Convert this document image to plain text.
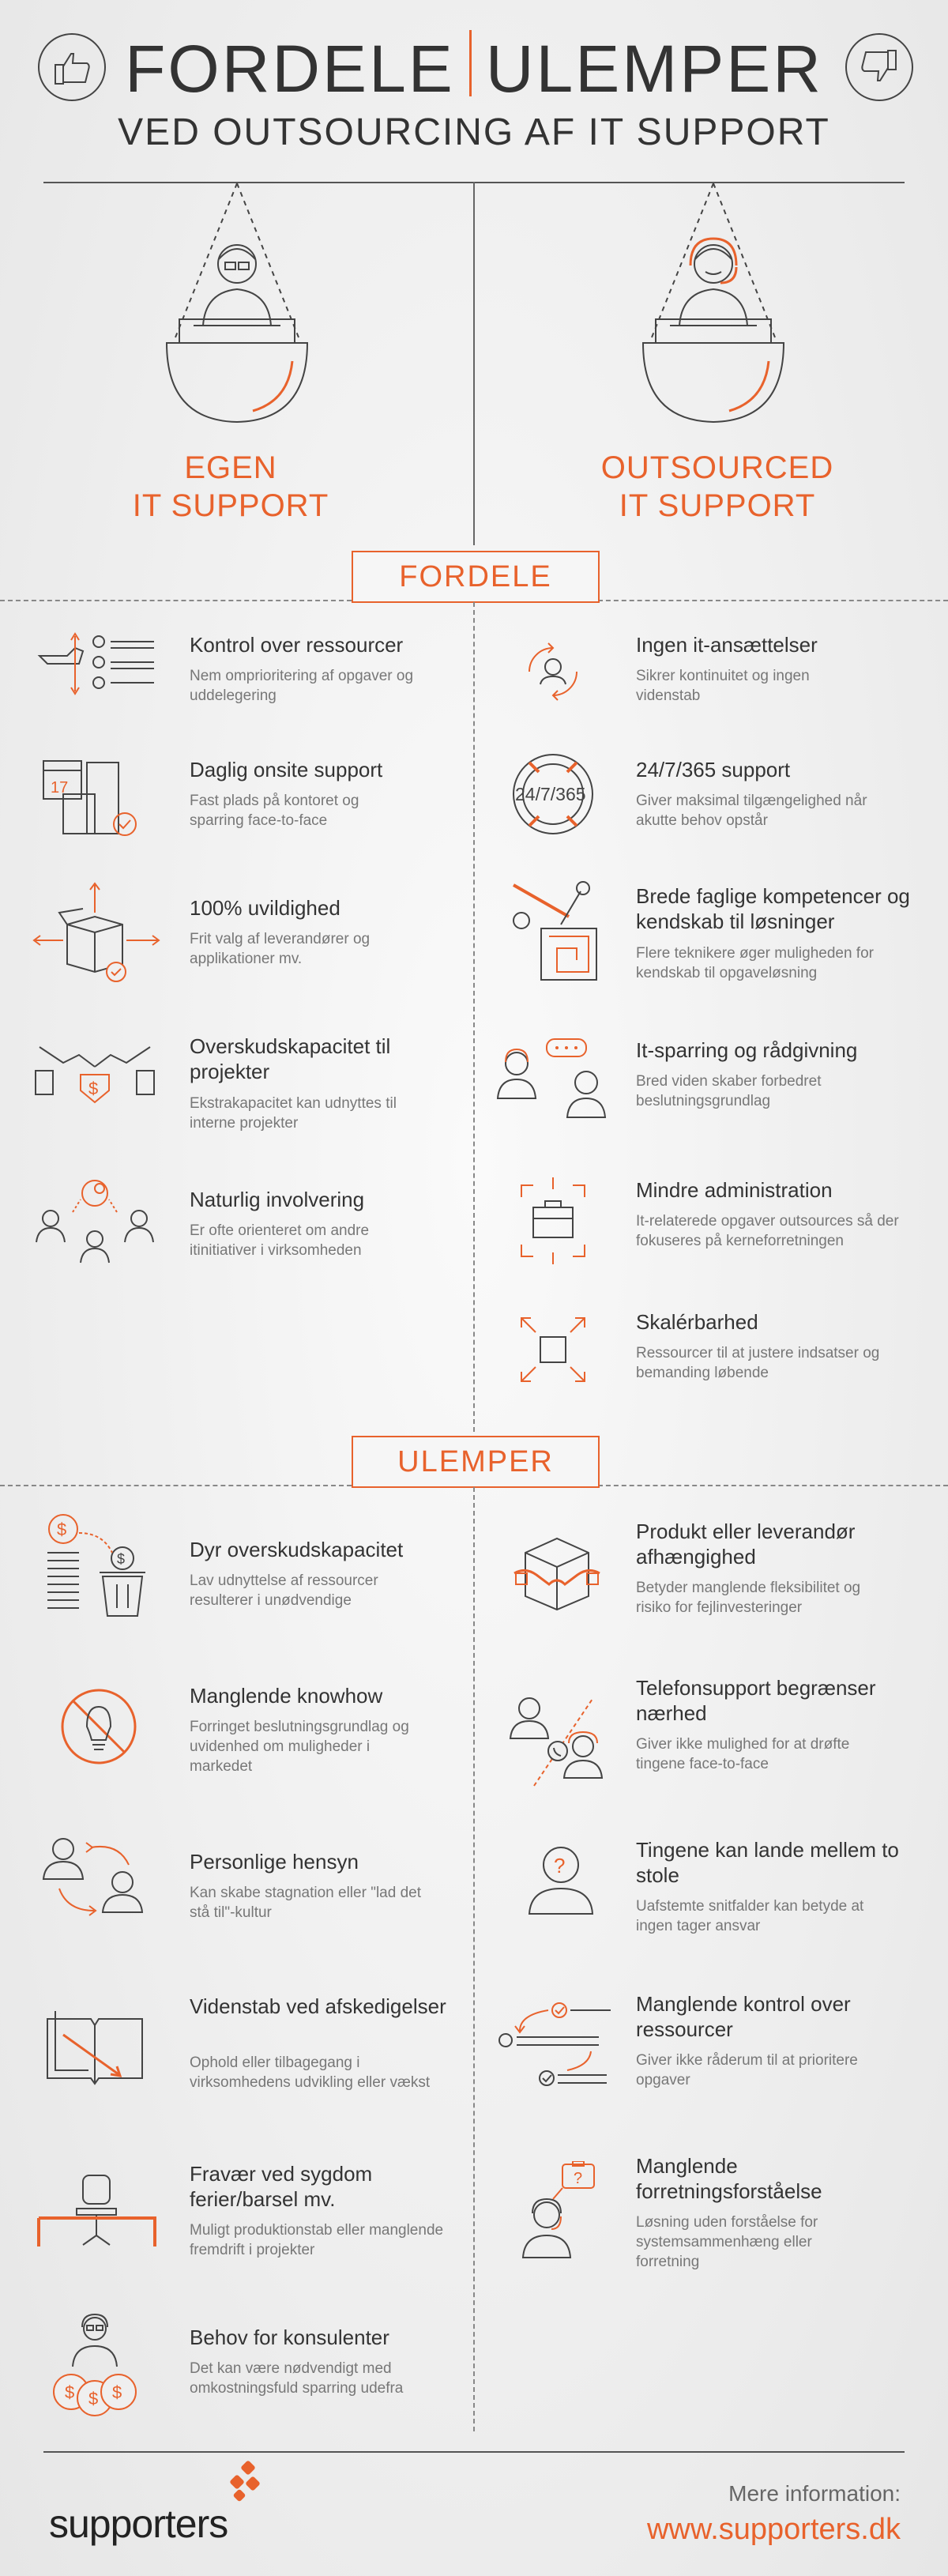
FORDELE ULEMPER
VED OUTSOURCING AF IT SUPPORT
EGEN
IT SUPPORT
OUTSOURCED
IT SUPPORT
FORDELE
Kontrol over ressourcer
Nem omprioritering af opgaver og uddelegering
17
Daglig onsite support
Fast plads på kontoret og sparring face-to-face
100% uvildighed
Frit valg af leverandører og applikationer mv.
$
Overskudskapacitet til projekter
Ekstrakapacitet kan udnyttes til interne projekter
Naturlig involvering
Er ofte orienteret om andre itinitiativer i virksomheden
Ingen it-ansættelser
Sikrer kontinuitet og ingen videnstab
24/7/365
24/7/365 support
Giver maksimal tilgængelighed når akutte behov opstår
Brede faglige kompetencer og kendskab til løsninger
Flere teknikere øger muligheden for kendskab til opgaveløsning
It-sparring og rådgivning
Bred viden skaber forbedret beslutningsgrundlag
Mindre administration
It-relaterede opgaver outsources så der fokuseres på kerneforretningen
Skalérbarhed
Ressourcer til at justere indsatser og bemanding løbende
ULEMPER
$
$	Dyr overskudskapacitet
Lav udnyttelse af ressourcer resulterer i unødvendige
Manglende knowhow
Forringet beslutningsgrundlag og uvidenhed om muligheder i markedet
Personlige hensyn
Kan skabe stagnation eller "lad det stå til"-kultur
Videnstab ved afskedigelser
Ophold eller tilbagegang i virksomhedens udvikling eller vækst
Fravær ved sygdom ferier/barsel mv.
Muligt produktionstab eller manglende fremdrift i projekter
$ $ $
Behov for konsulenter
Det kan være nødvendigt med omkostningsfuld sparring udefra
Produkt eller leverandør afhængighed
Betyder manglende fleksibilitet og risiko for fejlinvesteringer
Telefonsupport begrænser nærhed
Giver ikke mulighed for at drøfte tingene face-to-face
?
Tingene kan lande mellem to stole
Uafstemte snitfalder kan betyde at ingen tager ansvar
Manglende kontrol over ressourcer
Giver ikke råderum til at prioritere opgaver
?
Manglende forretningsforståelse
Løsning uden forståelse for systemsammenhæng eller forretning
supporters
Mere information:
www.supporters.dk
